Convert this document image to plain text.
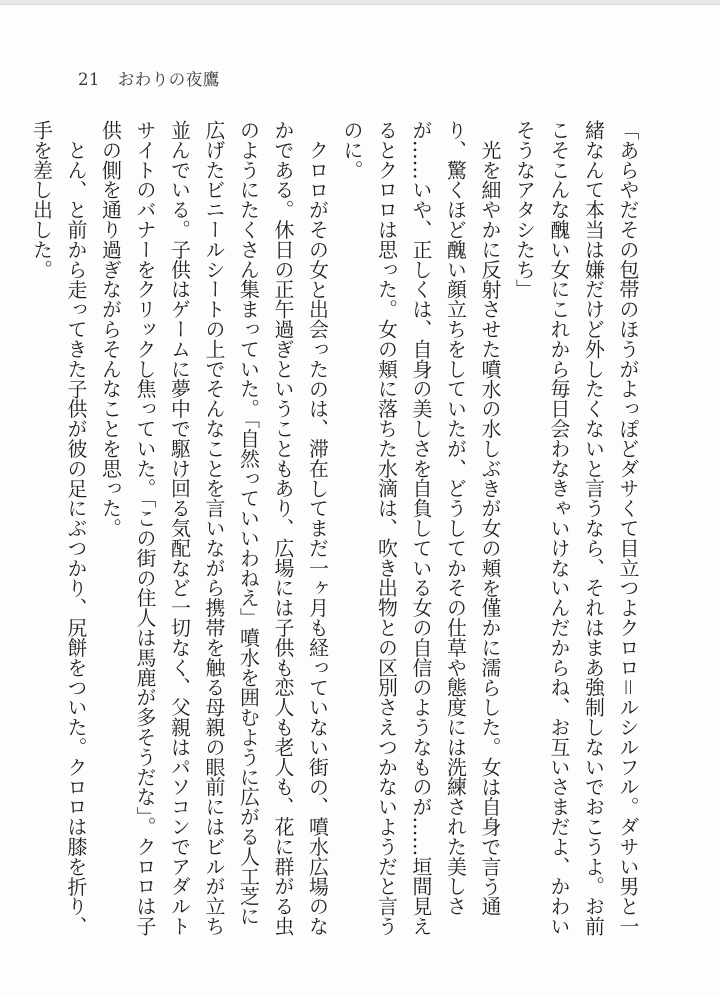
21 おわりの夜鷹

「あらやだその包帯のほうがよっぽどダサくて目立つよクロロ＝ルシルフル。ダサい男と一緒なんて本当は嫌だけど外したくないと言うなら、それはまあ強制しないでおこうよ。お前こそこんな醜い女にこれから毎日会わなきゃいけないんだからね、お互いさまだよ、かわいそうなアタシたち」

光を細やかに反射させた噴水の水しぶきが女の頬を僅かに濡らした。女は自身で言う通り、驚くほど醜い顔立ちをしていたが、どうしてかその仕草や態度には洗練された美しさが……いや、正しくは、自身の美しさを自負している女の自信のようなものが……垣間見えるとクロロは思った。女の頬に落ちた水滴は、吹き出物との区別さえつかないようだと言うのに。

クロロがその女と出会ったのは、滞在してまだ一ヶ月も経っていない街の、噴水広場のなかである。休日の正午過ぎということもあり、広場には子供も恋人も老人も、花に群がる虫のようにたくさん集まっていた。「自然っていいわねえ」噴水を囲むように広がる人工芝に広げたビニールシートの上でそんなことを言いながら携帯を触る母親の眼前にはビルが立ち並んでいる。子供はゲームに夢中で駆け回る気配など一切なく、父親はパソコンでアダルトサイトのバナーをクリックし焦っていた。「この街の住人は馬鹿が多そうだな」。クロロは子供の側を通り過ぎながらそんなことを思った。

とん、と前から走ってきた子供が彼の足にぶつかり、尻餅をついた。クロロは膝を折り、手を差し出した。
